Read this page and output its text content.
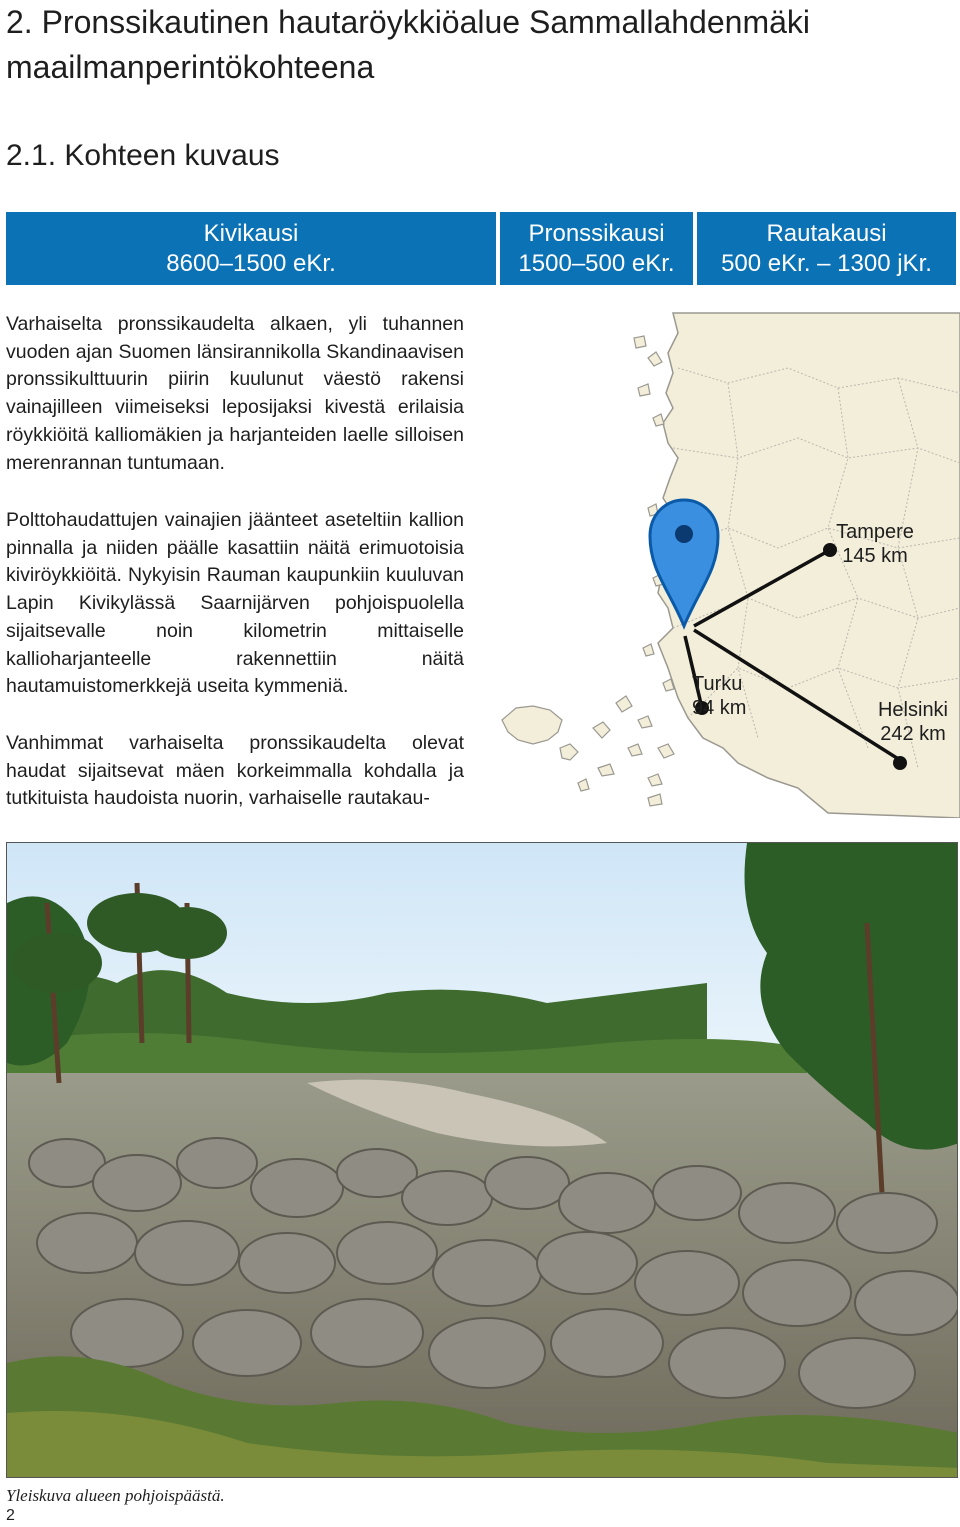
2. Pronssikautinen hautaröykkiöalue Sammallahdenmäki maailmanperintökohteena
2.1. Kohteen kuvaus
Kivikausi
8600–1500 eKr.
Pronssikausi
1500–500 eKr.
Rautakausi
500 eKr. – 1300 jKr.

Varhaiselta pronssikaudelta alkaen, yli tuhannen vuoden ajan Suomen länsirannikolla Skandinaavisen pronssikulttuurin piirin kuulunut väestö rakensi vainajilleen viimeiseksi leposijaksi kivestä erilaisia röykkiöitä kalliomäkien ja harjanteiden laelle silloisen merenrannan tuntumaan.

Polttohaudattujen vainajien jäänteet aseteltiin kallion pinnalla ja niiden päälle kasattiin näitä erimuotoisia kiviröykkiöitä. Nykyisin Rauman kaupunkiin kuuluvan Lapin Kivikylässä Saarnijärven pohjoispuolella sijaitsevalle noin kilometrin mittaiselle kallioharjanteelle rakennettiin näitä hautamuistomerkkejä useita kymmeniä.

Vanhimmat varhaiselta pronssikaudelta olevat haudat sijaitsevat mäen korkeimmalla kohdalla ja tutkituista haudoista nuorin, varhaiselle rautakau-

Tampere
145 km
Turku
94 km	Helsinki
242 km
Yleiskuva alueen pohjoispäästä.
2
